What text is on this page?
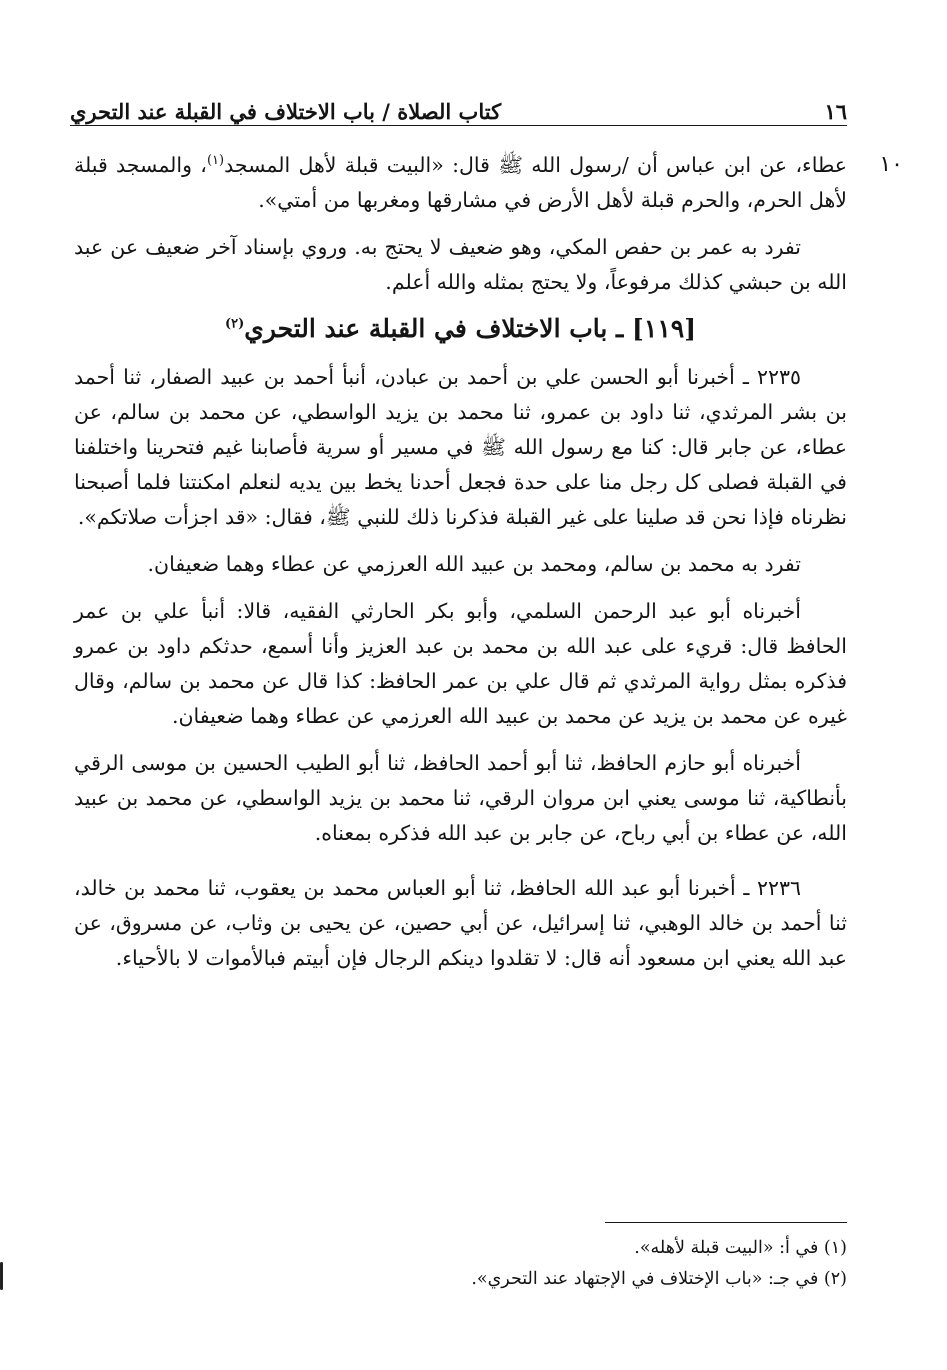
١٦
كتاب الصلاة / باب الاختلاف في القبلة عند التحري
١٠

عطاء، عن ابن عباس أن /رسول الله ﷺ قال: «البيت قبلة لأهل المسجد$^{(١)}$، والمسجد قبلة لأهل الحرم، والحرم قبلة لأهل الأرض في مشارقها ومغربها من أمتي».

تفرد به عمر بن حفص المكي، وهو ضعيف لا يحتج به. وروي بإسناد آخر ضعيف عن عبد الله بن حبشي كذلك مرفوعاً، ولا يحتج بمثله والله أعلم.

[١١٩] ـ باب الاختلاف في القبلة عند التحري$^{(٢)}$

٢٢٣٥ ـ أخبرنا أبو الحسن علي بن أحمد بن عبادن، أنبأ أحمد بن عبيد الصفار، ثنا أحمد بن بشر المرثدي، ثنا داود بن عمرو، ثنا محمد بن يزيد الواسطي، عن محمد بن سالم، عن عطاء، عن جابر قال: كنا مع رسول الله ﷺ في مسير أو سرية فأصابنا غيم فتحرينا واختلفنا في القبلة فصلى كل رجل منا على حدة فجعل أحدنا يخط بين يديه لنعلم امكنتنا فلما أصبحنا نظرناه فإذا نحن قد صلينا على غير القبلة فذكرنا ذلك للنبي ﷺ، فقال: «قد اجزأت صلاتكم».

تفرد به محمد بن سالم، ومحمد بن عبيد الله العرزمي عن عطاء وهما ضعيفان.

أخبرناه أبو عبد الرحمن السلمي، وأبو بكر الحارثي الفقيه، قالا: أنبأ علي بن عمر الحافظ قال: قريء على عبد الله بن محمد بن عبد العزيز وأنا أسمع، حدثكم داود بن عمرو فذكره بمثل رواية المرثدي ثم قال علي بن عمر الحافظ: كذا قال عن محمد بن سالم، وقال غيره عن محمد بن يزيد عن محمد بن عبيد الله العرزمي عن عطاء وهما ضعيفان.

أخبرناه أبو حازم الحافظ، ثنا أبو أحمد الحافظ، ثنا أبو الطيب الحسين بن موسى الرقي بأنطاكية، ثنا موسى يعني ابن مروان الرقي، ثنا محمد بن يزيد الواسطي، عن محمد بن عبيد الله، عن عطاء بن أبي رباح، عن جابر بن عبد الله فذكره بمعناه.

٢٢٣٦ ـ أخبرنا أبو عبد الله الحافظ، ثنا أبو العباس محمد بن يعقوب، ثنا محمد بن خالد، ثنا أحمد بن خالد الوهبي، ثنا إسرائيل، عن أبي حصين، عن يحيى بن وثاب، عن مسروق، عن عبد الله يعني ابن مسعود أنه قال: لا تقلدوا دينكم الرجال فإن أبيتم فبالأموات لا بالأحياء.

(١) في أ: «البيت قبلة لأهله».
(٢) في جـ: «باب الإختلاف في الإجتهاد عند التحري».
